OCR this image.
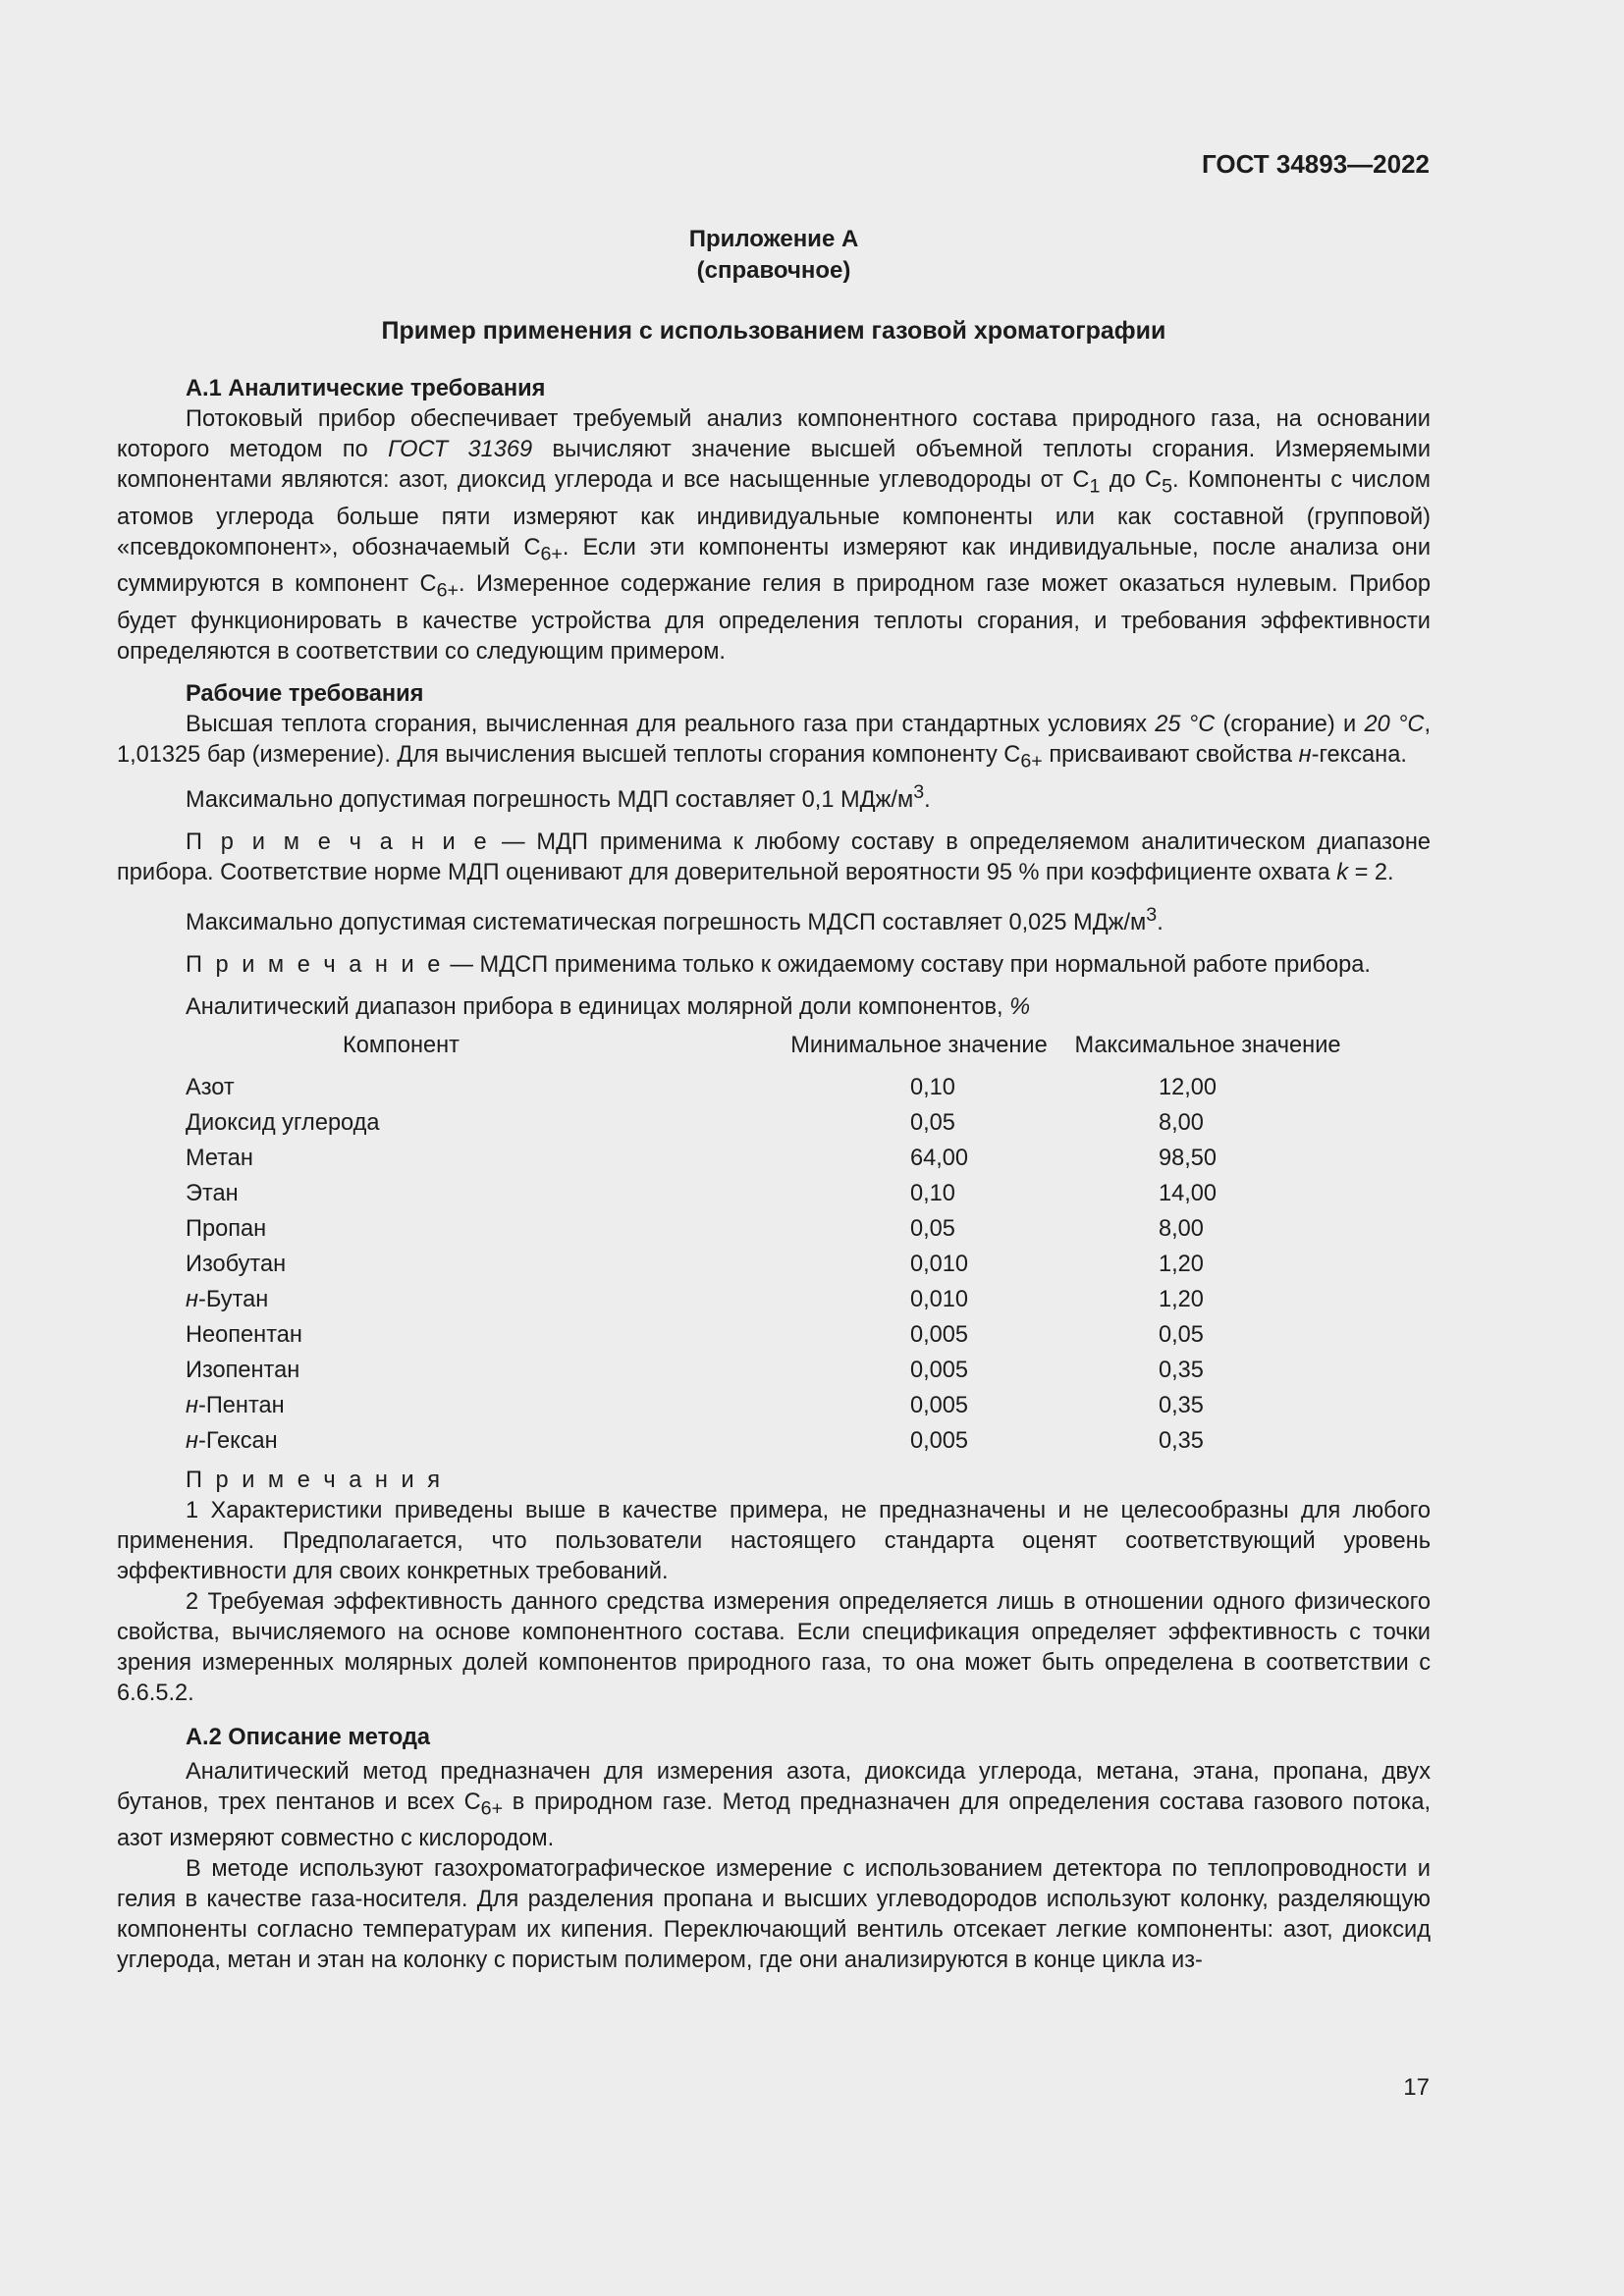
ГОСТ 34893—2022
Приложение А
(справочное)
Пример применения с использованием газовой хроматографии
А.1 Аналитические требования

Потоковый прибор обеспечивает требуемый анализ компонентного состава природного газа, на основании которого методом по ГОСТ 31369 вычисляют значение высшей объемной теплоты сгорания. Измеряемыми компонентами являются: азот, диоксид углерода и все насыщенные углеводороды от $С_1$ до $С_5$. Компоненты с числом атомов углерода больше пяти измеряют как индивидуальные компоненты или как составной (групповой) «псевдокомпонент», обозначаемый $С_{6+}$. Если эти компоненты измеряют как индивидуальные, после анализа они суммируются в компонент $С_{6+}$. Измеренное содержание гелия в природном газе может оказаться нулевым. Прибор будет функционировать в качестве устройства для определения теплоты сгорания, и требования эффективности определяются в соответствии со следующим примером.

Рабочие требования

Высшая теплота сгорания, вычисленная для реального газа при стандартных условиях 25 °C (сгорание) и 20 °C, 1,01325 бар (измерение). Для вычисления высшей теплоты сгорания компоненту $С_{6+}$ присваивают свойства н-гексана.

Максимально допустимая погрешность МДП составляет 0,1 МДж/$м^3$.

П р и м е ч а н и е — МДП применима к любому составу в определяемом аналитическом диапазоне прибора. Соответствие норме МДП оценивают для доверительной вероятности 95 % при коэффициенте охвата k = 2.

Максимально допустимая систематическая погрешность МДСП составляет 0,025 МДж/$м^3$.

П р и м е ч а н и е — МДСП применима только к ожидаемому составу при нормальной работе прибора.

Аналитический диапазон прибора в единицах молярной доли компонентов, %

Компонент	Минимальное значение	Максимальное значение
Азот	0,10	12,00
Диоксид углерода	0,05	8,00
Метан	64,00	98,50
Этан	0,10	14,00
Пропан	0,05	8,00
Изобутан	0,010	1,20
н-Бутан	0,010	1,20
Неопентан	0,005	0,05
Изопентан	0,005	0,35
н-Пентан	0,005	0,35
н-Гексан	0,005	0,35
П р и м е ч а н и я

1 Характеристики приведены выше в качестве примера, не предназначены и не целесообразны для любого применения. Предполагается, что пользователи настоящего стандарта оценят соответствующий уровень эффективности для своих конкретных требований.

2 Требуемая эффективность данного средства измерения определяется лишь в отношении одного физического свойства, вычисляемого на основе компонентного состава. Если спецификация определяет эффективность с точки зрения измеренных молярных долей компонентов природного газа, то она может быть определена в соответствии с 6.6.5.2.

А.2 Описание метода

Аналитический метод предназначен для измерения азота, диоксида углерода, метана, этана, пропана, двух бутанов, трех пентанов и всех $С_{6+}$ в природном газе. Метод предназначен для определения состава газового потока, азот измеряют совместно с кислородом.

В методе используют газохроматографическое измерение с использованием детектора по теплопроводности и гелия в качестве газа-носителя. Для разделения пропана и высших углеводородов используют колонку, разделяющую компоненты согласно температурам их кипения. Переключающий вентиль отсекает легкие компоненты: азот, диоксид углерода, метан и этан на колонку с пористым полимером, где они анализируются в конце цикла из-

17
